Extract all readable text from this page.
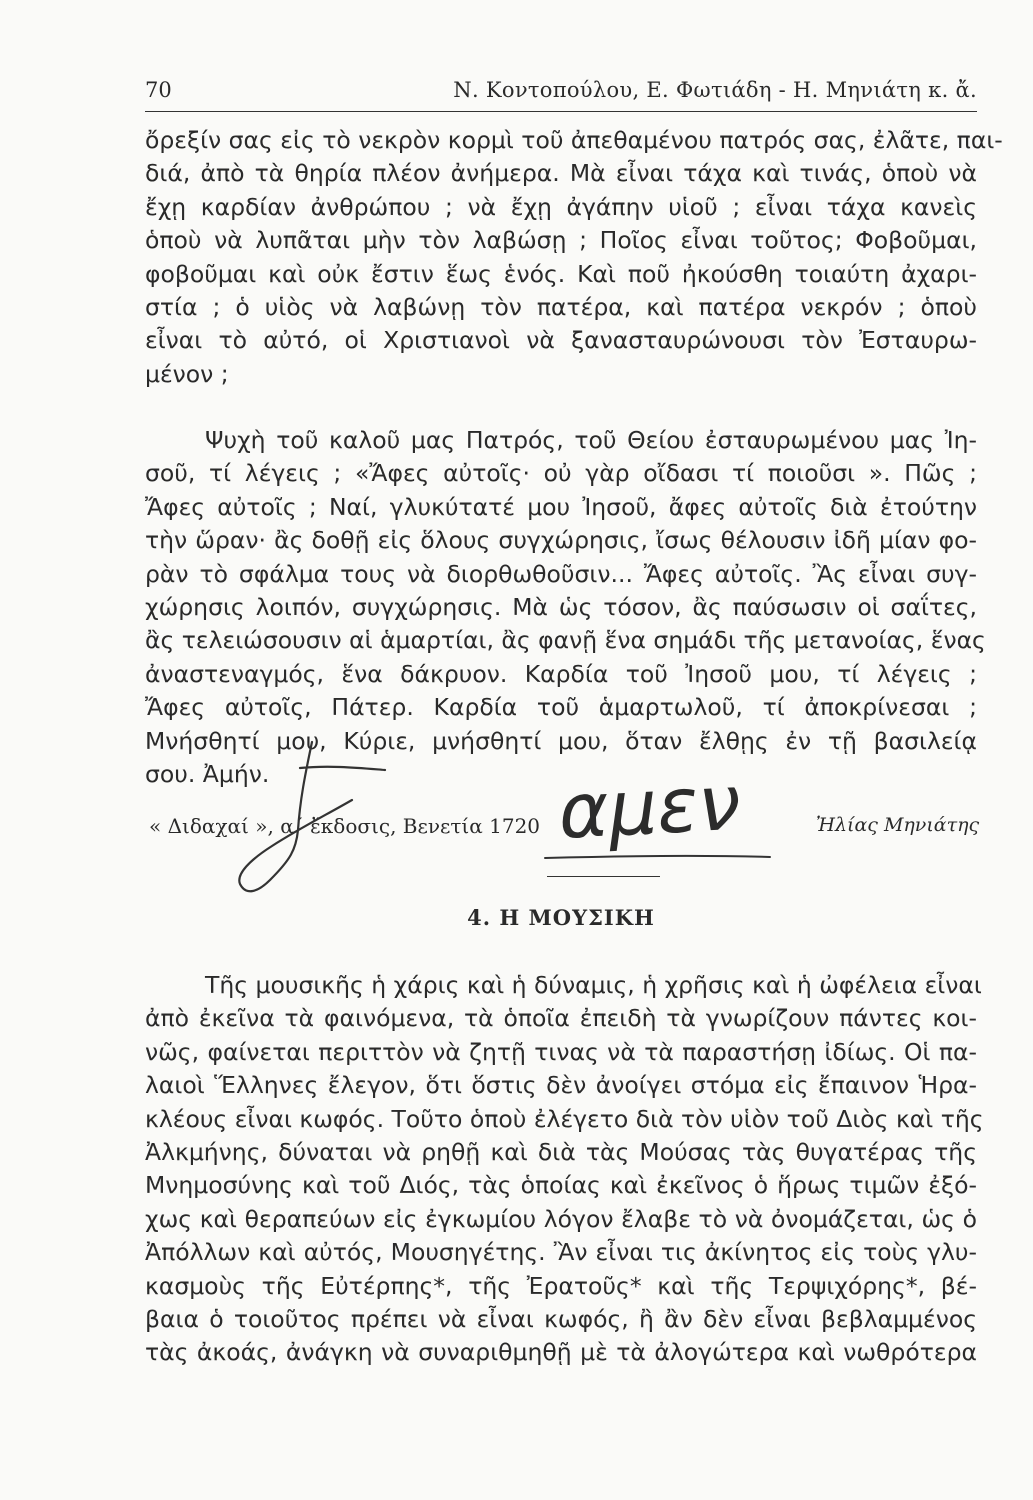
70	Ν. Κοντοπούλου, Ε. Φωτιάδη - Η. Μηνιάτη κ. ἄ.
ὄρεξίν σας εἰς τὸ νεκρὸν κορμὶ τοῦ ἀπεθαμένου πατρός σας, ἐλᾶτε, παι-
διά, ἀπὸ τὰ θηρία πλέον ἀνήμερα. Μὰ εἶναι τάχα καὶ τινάς, ὁποὺ νὰ
ἔχῃ καρδίαν ἀνθρώπου ; νὰ ἔχῃ ἀγάπην υἱοῦ ; εἶναι τάχα κανεὶς
ὁποὺ νὰ λυπᾶται μὴν τὸν λαβώσῃ ; Ποῖος εἶναι τοῦτος; Φοβοῦμαι,
φοβοῦμαι καὶ οὐκ ἔστιν ἕως ἑνός. Καὶ ποῦ ἠκούσθη τοιαύτη ἀχαρι-
στία ; ὁ υἱὸς νὰ λαβώνῃ τὸν πατέρα, καὶ πατέρα νεκρόν ; ὁποὺ
εἶναι τὸ αὐτό, οἱ Χριστιανοὶ νὰ ξανασταυρώνουσι τὸν Ἐσταυρω-
μένον ;
Ψυχὴ τοῦ καλοῦ μας Πατρός, τοῦ Θείου ἐσταυρωμένου μας Ἰη-
σοῦ, τί λέγεις ; «Ἄφες αὐτοῖς· οὐ γὰρ οἴδασι τί ποιοῦσι ». Πῶς ;
Ἄφες αὐτοῖς ; Ναί, γλυκύτατέ μου Ἰησοῦ, ἄφες αὐτοῖς διὰ ἐτούτην
τὴν ὥραν· ἂς δοθῇ εἰς ὅλους συγχώρησις, ἴσως θέλουσιν ἰδῆ μίαν φο-
ρὰν τὸ σφάλμα τους νὰ διορθωθοῦσιν... Ἄφες αὐτοῖς. Ἂς εἶναι συγ-
χώρησις λοιπόν, συγχώρησις. Μὰ ὡς τόσον, ἂς παύσωσιν οἱ σαΐτες,
ἂς τελειώσουσιν αἱ ἁμαρτίαι, ἂς φανῇ ἕνα σημάδι τῆς μετανοίας, ἕνας
ἀναστεναγμός, ἕνα δάκρυον. Καρδία τοῦ Ἰησοῦ μου, τί λέγεις ;
Ἄφες αὐτοῖς, Πάτερ. Καρδία τοῦ ἁμαρτωλοῦ, τί ἀποκρίνεσαι ;
Μνήσθητί μου, Κύριε, μνήσθητί μου, ὅταν ἔλθῃς ἐν τῇ βασιλείᾳ
σου. Ἀμήν.
« Διδαχαί », α΄ ἔκδοσις, Βενετία 1720	Ἠλίας Μηνιάτης
αμεν
4. Η ΜΟΥΣΙΚΗ
Τῆς μουσικῆς ἡ χάρις καὶ ἡ δύναμις, ἡ χρῆσις καὶ ἡ ὠφέλεια εἶναι
ἀπὸ ἐκεῖνα τὰ φαινόμενα, τὰ ὁποῖα ἐπειδὴ τὰ γνωρίζουν πάντες κοι-
νῶς, φαίνεται περιττὸν νὰ ζητῇ τινας νὰ τὰ παραστήσῃ ἰδίως. Οἱ πα-
λαιοὶ Ἕλληνες ἔλεγον, ὅτι ὅστις δὲν ἀνοίγει στόμα εἰς ἔπαινον Ἡρα-
κλέους εἶναι κωφός. Τοῦτο ὁποὺ ἐλέγετο διὰ τὸν υἱὸν τοῦ Διὸς καὶ τῆς
Ἀλκμήνης, δύναται νὰ ρηθῇ καὶ διὰ τὰς Μούσας τὰς θυγατέρας τῆς
Μνημοσύνης καὶ τοῦ Διός, τὰς ὁποίας καὶ ἐκεῖνος ὁ ἥρως τιμῶν ἐξό-
χως καὶ θεραπεύων εἰς ἐγκωμίου λόγον ἔλαβε τὸ νὰ ὀνομάζεται, ὡς ὁ
Ἀπόλλων καὶ αὐτός, Μουσηγέτης. Ἂν εἶναι τις ἀκίνητος εἰς τοὺς γλυ-
κασμοὺς τῆς Εὐτέρπης*, τῆς Ἐρατοῦς* καὶ τῆς Τερψιχόρης*, βέ-
βαια ὁ τοιοῦτος πρέπει νὰ εἶναι κωφός, ἢ ἂν δὲν εἶναι βεβλαμμένος
τὰς ἀκοάς, ἀνάγκη νὰ συναριθμηθῇ μὲ τὰ ἀλογώτερα καὶ νωθρότερα
